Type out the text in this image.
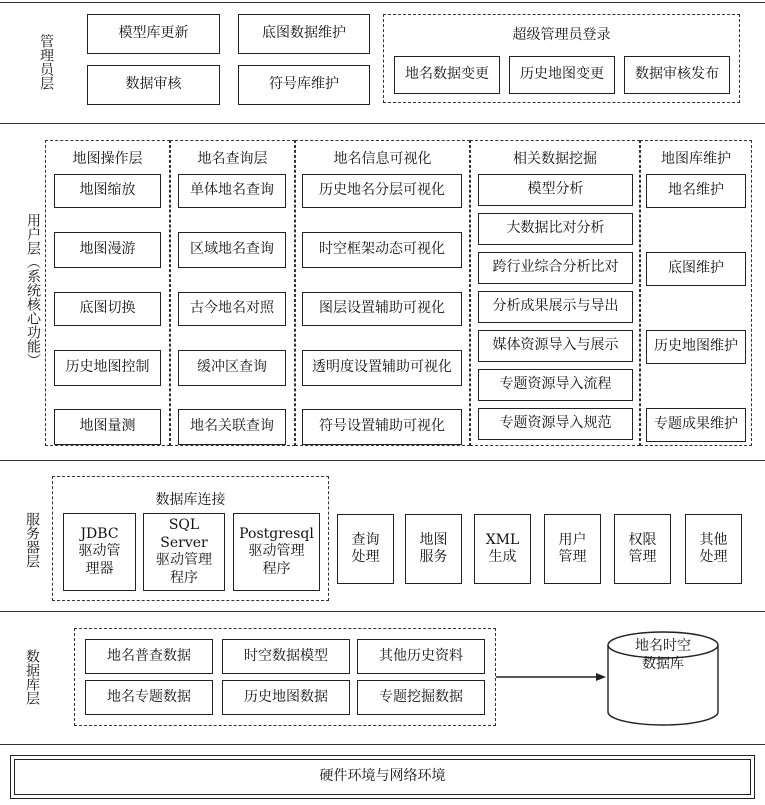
管理员层
模型库更新	底图数据维护
数据审核	符号库维护
超级管理员登录
地名数据变更	历史地图变更	数据审核发布
用户层（系统核心功能）
地图操作层
地图缩放
地图漫游
底图切换
历史地图控制
地图量测
地名查询层
单体地名查询
区域地名查询
古今地名对照
缓冲区查询
地名关联查询
地名信息可视化
历史地名分层可视化
时空框架动态可视化
图层设置辅助可视化
透明度设置辅助可视化
符号设置辅助可视化
相关数据挖掘
模型分析
大数据比对分析
跨行业综合分析比对
分析成果展示与导出
媒体资源导入与展示
专题资源导入流程
专题资源导入规范
地图库维护
地名维护
底图维护
历史地图维护
专题成果维护
服务器层
数据库连接
JDBC
驱动管
理器
SQL Server
驱动管理
程序
Postgresql
驱动管理
程序
查询
处理
地图
服务
XML
生成
用户
管理
权限
管理
其他
处理
数据库层	地名普查数据	时空数据模型	其他历史资料
地名专题数据	历史地图数据	专题挖掘数据
地名时空
数据库
硬件环境与网络环境
